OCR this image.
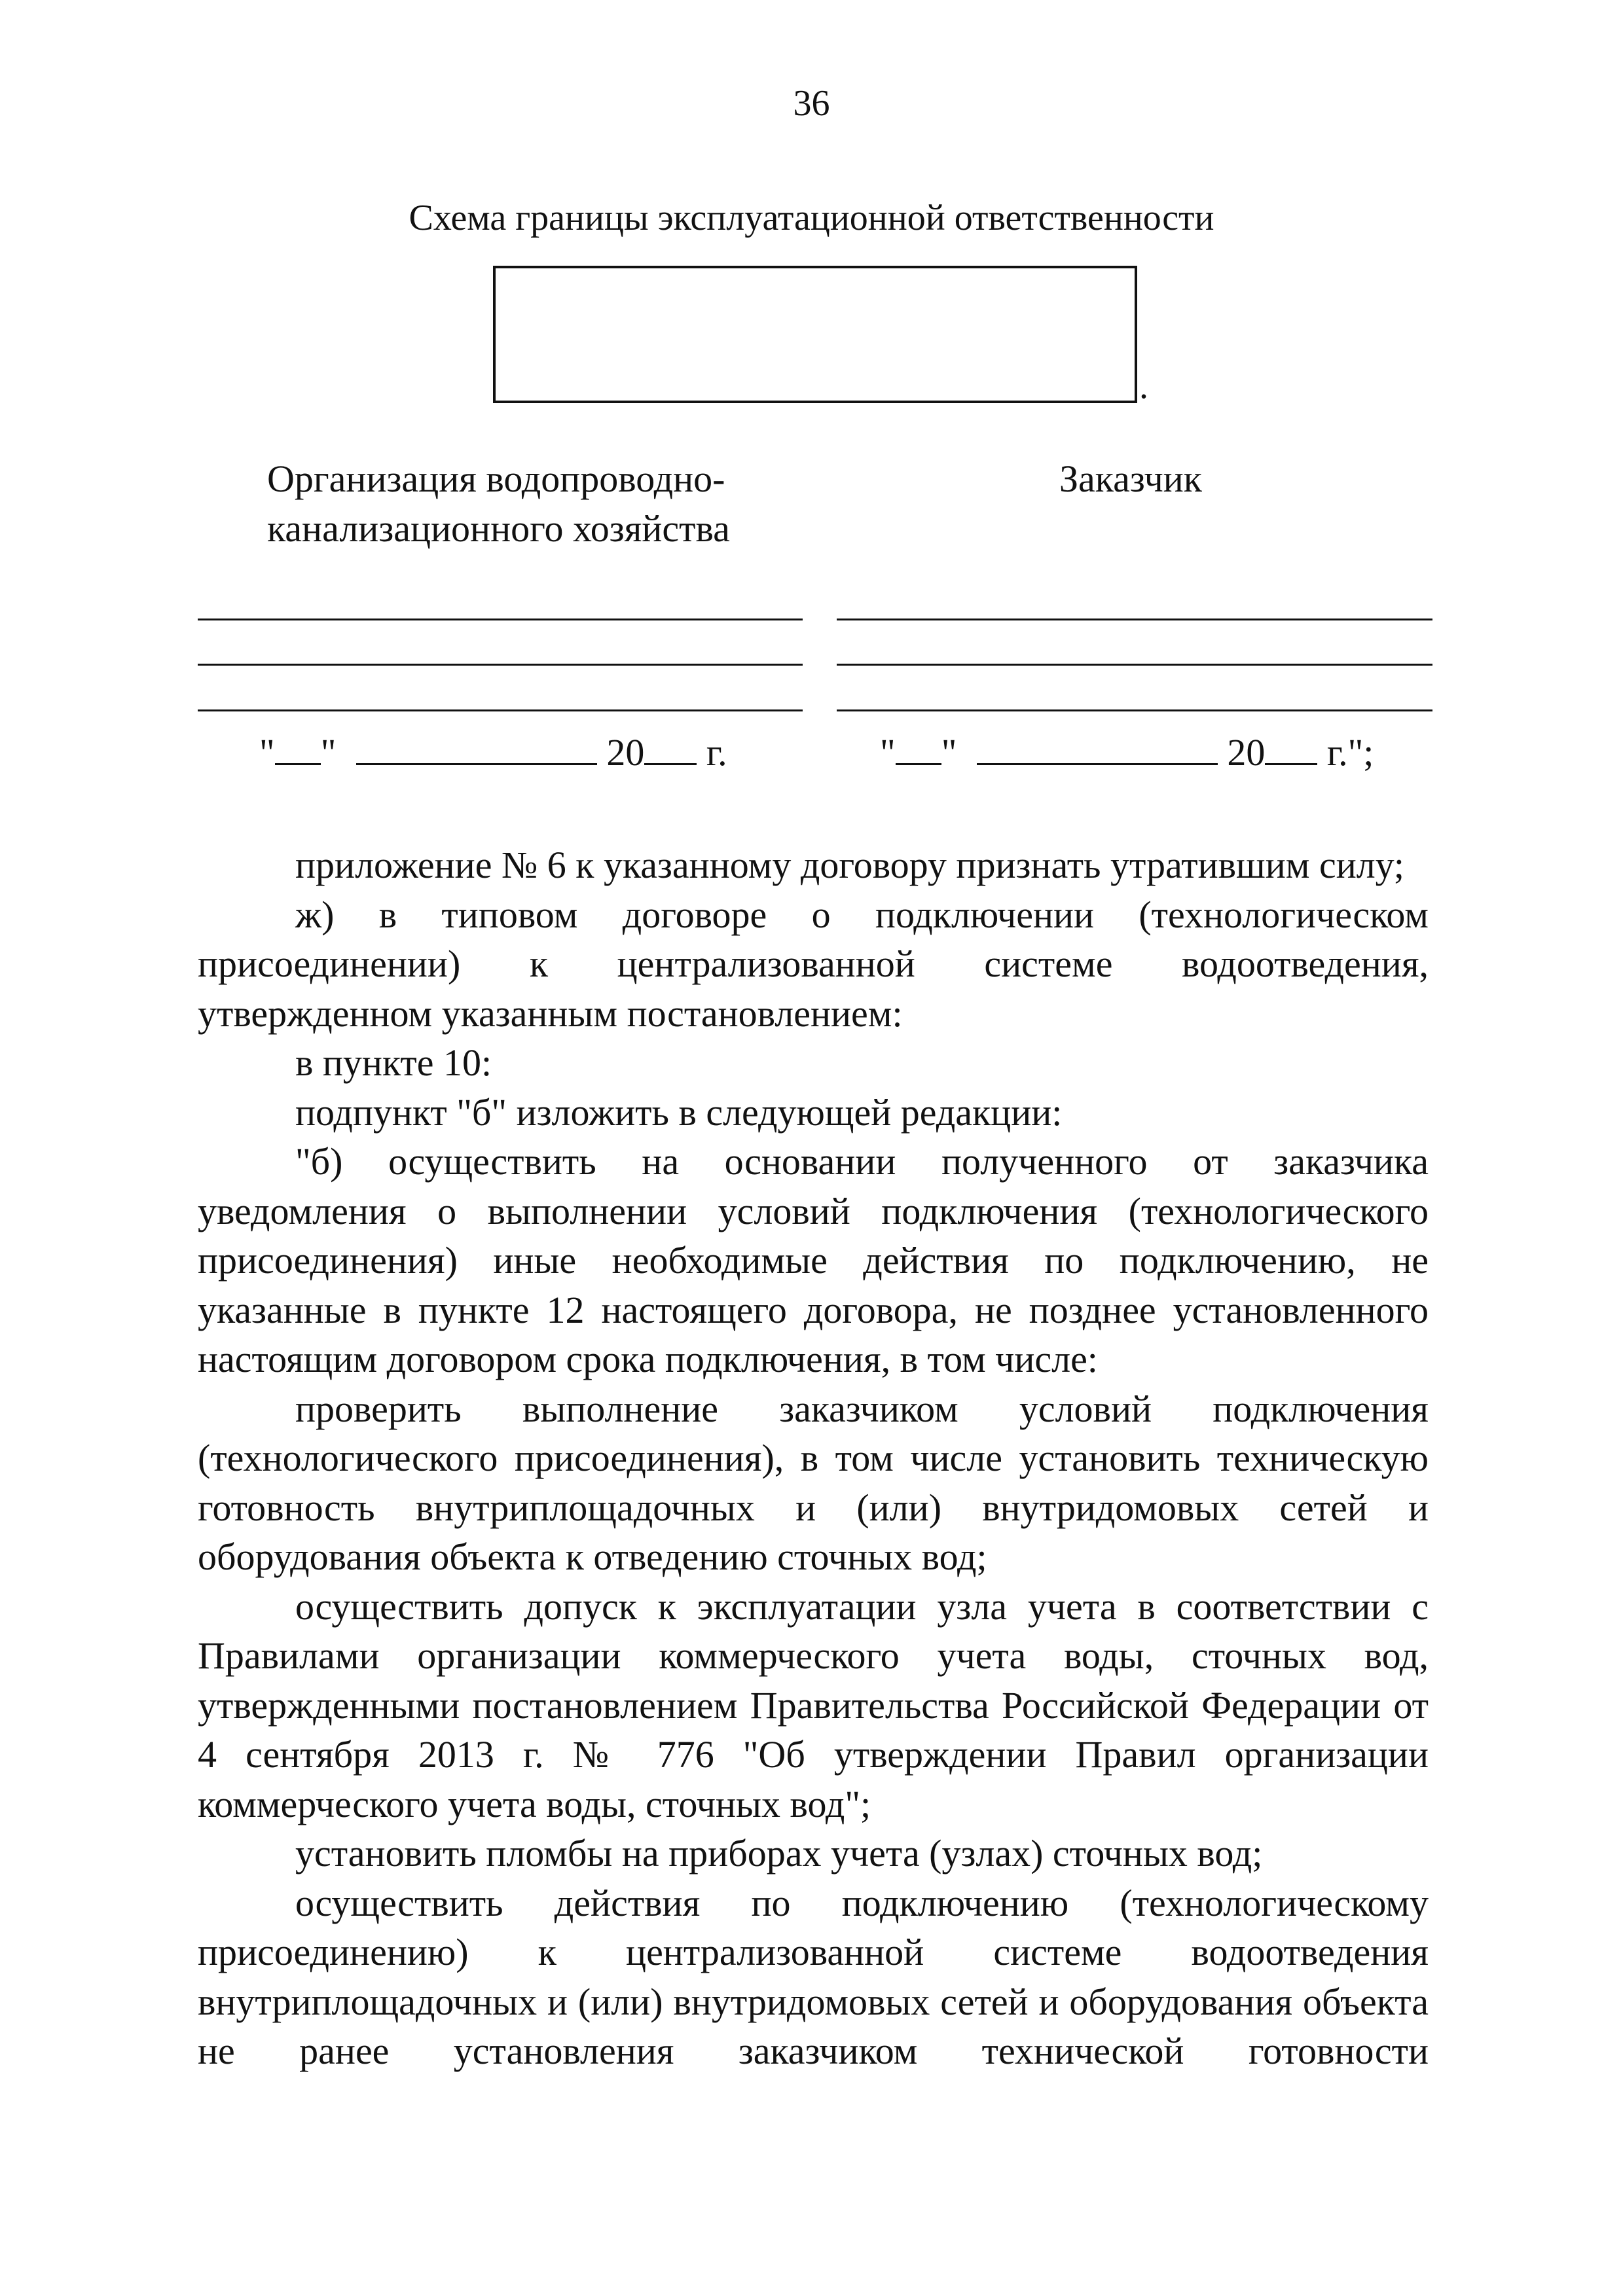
36
Схема границы эксплуатационной ответственности
.
Организация водопроводно-
канализационного хозяйства
Заказчик
" "	20 г.	" "	20 г.";

приложение № 6 к указанному договору признать утратившим силу;

ж) в типовом договоре о подключении (технологическом присоединении) к централизованной системе водоотведения, утвержденном указанным постановлением:

в пункте 10:

подпункт "б" изложить в следующей редакции:

"б) осуществить на основании полученного от заказчика уведомления о выполнении условий подключения (технологического присоединения) иные необходимые действия по подключению, не указанные в пункте 12 настоящего договора, не позднее установленного настоящим договором срока подключения, в том числе:

проверить выполнение заказчиком условий подключения (технологического присоединения), в том числе установить техническую готовность внутриплощадочных и (или) внутридомовых сетей и оборудования объекта к отведению сточных вод;

осуществить допуск к эксплуатации узла учета в соответствии с Правилами организации коммерческого учета воды, сточных вод, утвержденными постановлением Правительства Российской Федерации от 4 сентября 2013 г. № 776 "Об утверждении Правил организации коммерческого учета воды, сточных вод";

установить пломбы на приборах учета (узлах) сточных вод;

осуществить действия по подключению (технологическому присоединению) к централизованной системе водоотведения внутриплощадочных и (или) внутридомовых сетей и оборудования объекта не ранее установления заказчиком технической готовности
